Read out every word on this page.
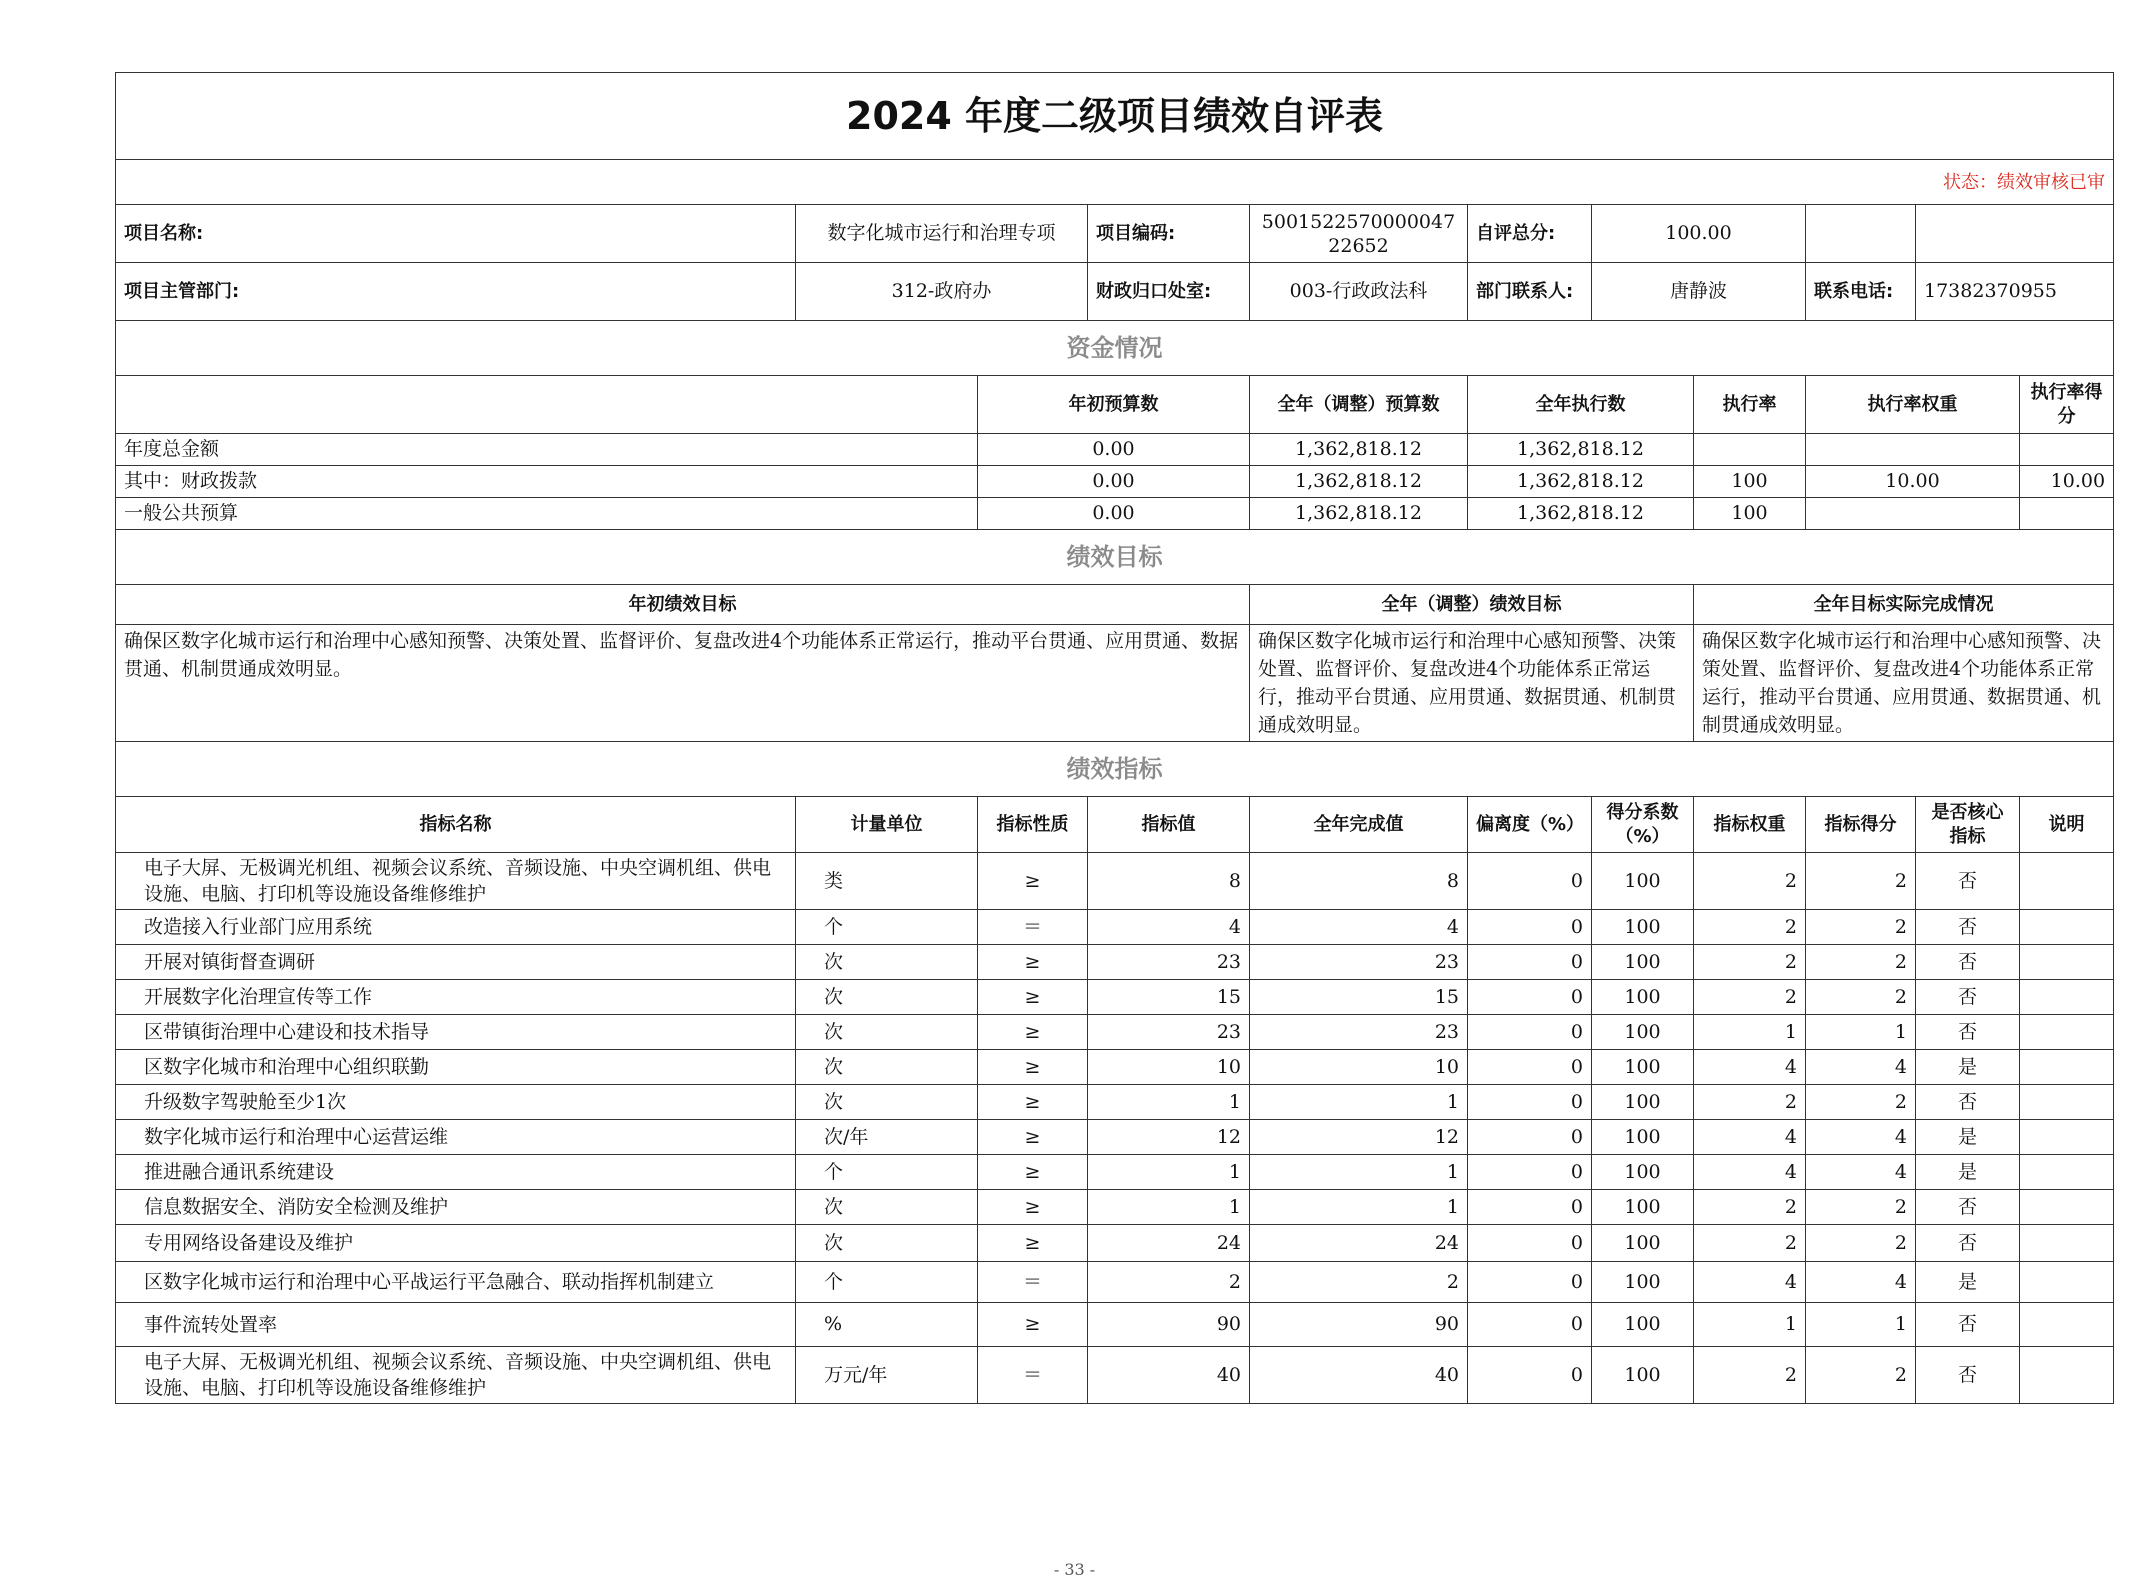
2024 年度二级项目绩效自评表										
状态：绩效审核已审										
项目名称:	数字化城市运行和治理专项		项目编码:	500152257000004722652	自评总分:	100.00				
项目主管部门:	312-政府办		财政归口处室:	003-行政政法科	部门联系人:	唐静波		联系电话:	17382370955	
资金情况										
		年初预算数		全年（调整）预算数	全年执行数		执行率	执行率权重		执行率得分
年度总金额		0.00		1,362,818.12	1,362,818.12					
其中：财政拨款		0.00		1,362,818.12	1,362,818.12		100	10.00		10.00
一般公共预算		0.00		1,362,818.12	1,362,818.12		100			
绩效目标										
年初绩效目标				全年（调整）绩效目标			全年目标实际完成情况			
确保区数字化城市运行和治理中心感知预警、决策处置、监督评价、复盘改进4个功能体系正常运行，推动平台贯通、应用贯通、数据贯通、机制贯通成效明显。				确保区数字化城市运行和治理中心感知预警、决策处置、监督评价、复盘改进4个功能体系正常运行，推动平台贯通、应用贯通、数据贯通、机制贯通成效明显。			确保区数字化城市运行和治理中心感知预警、决策处置、监督评价、复盘改进4个功能体系正常运行，推动平台贯通、应用贯通、数据贯通、机制贯通成效明显。			
绩效指标										
指标名称	计量单位	指标性质	指标值	全年完成值	偏离度（%）	得分系数（%）	指标权重	指标得分	是否核心指标	说明
电子大屏、无极调光机组、视频会议系统、音频设施、中央空调机组、供电设施、电脑、打印机等设施设备维修维护	类	≥	8	8	0	100	2	2	否	
改造接入行业部门应用系统	个	＝	4	4	0	100	2	2	否	
开展对镇街督查调研	次	≥	23	23	0	100	2	2	否	
开展数字化治理宣传等工作	次	≥	15	15	0	100	2	2	否	
区带镇街治理中心建设和技术指导	次	≥	23	23	0	100	1	1	否	
区数字化城市和治理中心组织联勤	次	≥	10	10	0	100	4	4	是	
升级数字驾驶舱至少1次	次	≥	1	1	0	100	2	2	否	
数字化城市运行和治理中心运营运维	次/年	≥	12	12	0	100	4	4	是	
推进融合通讯系统建设	个	≥	1	1	0	100	4	4	是	
信息数据安全、消防安全检测及维护	次	≥	1	1	0	100	2	2	否	
专用网络设备建设及维护	次	≥	24	24	0	100	2	2	否	
区数字化城市运行和治理中心平战运行平急融合、联动指挥机制建立	个	＝	2	2	0	100	4	4	是	
事件流转处置率	%	≥	90	90	0	100	1	1	否	
电子大屏、无极调光机组、视频会议系统、音频设施、中央空调机组、供电设施、电脑、打印机等设施设备维修维护	万元/年	＝	40	40	0	100	2	2	否	
- 33 -
